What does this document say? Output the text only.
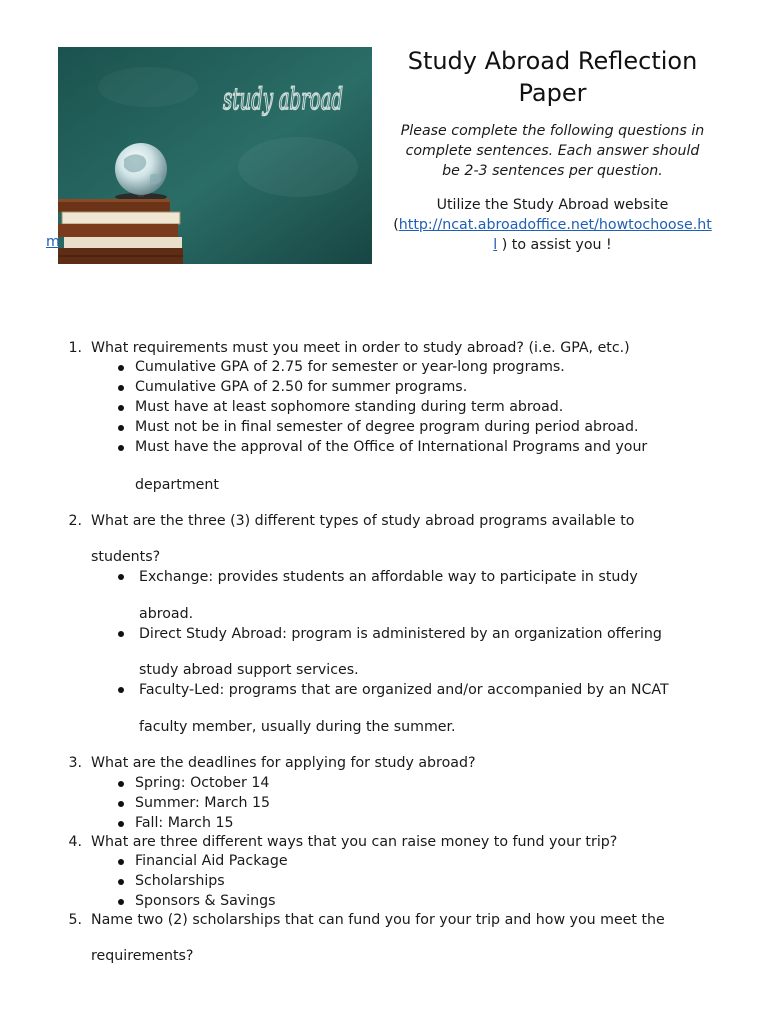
study abroad
m
Study Abroad Reflection
Paper
Please complete the following questions in
complete sentences. Each answer should
be 2-3 sentences per question.
Utilize the Study Abroad website
(http://ncat.abroadoffice.net/howtochoose.ht
l ) to assist you !
1. What requirements must you meet in order to study abroad? (i.e. GPA, etc.)
Cumulative GPA of 2.75 for semester or year-long programs.
Cumulative GPA of 2.50 for summer programs.
Must have at least sophomore standing during term abroad.
Must not be in final semester of degree program during period abroad.
Must have the approval of the Office of International Programs and your
department
2. What are the three (3) different types of study abroad programs available to
students?
Exchange: provides students an affordable way to participate in study
abroad.
Direct Study Abroad: program is administered by an organization offering
study abroad support services.
Faculty-Led: programs that are organized and/or accompanied by an NCAT
faculty member, usually during the summer.
3. What are the deadlines for applying for study abroad?
Spring: October 14
Summer: March 15
Fall: March 15
4. What are three different ways that you can raise money to fund your trip?
Financial Aid Package
Scholarships
Sponsors & Savings
5. Name two (2) scholarships that can fund you for your trip and how you meet the
requirements?
